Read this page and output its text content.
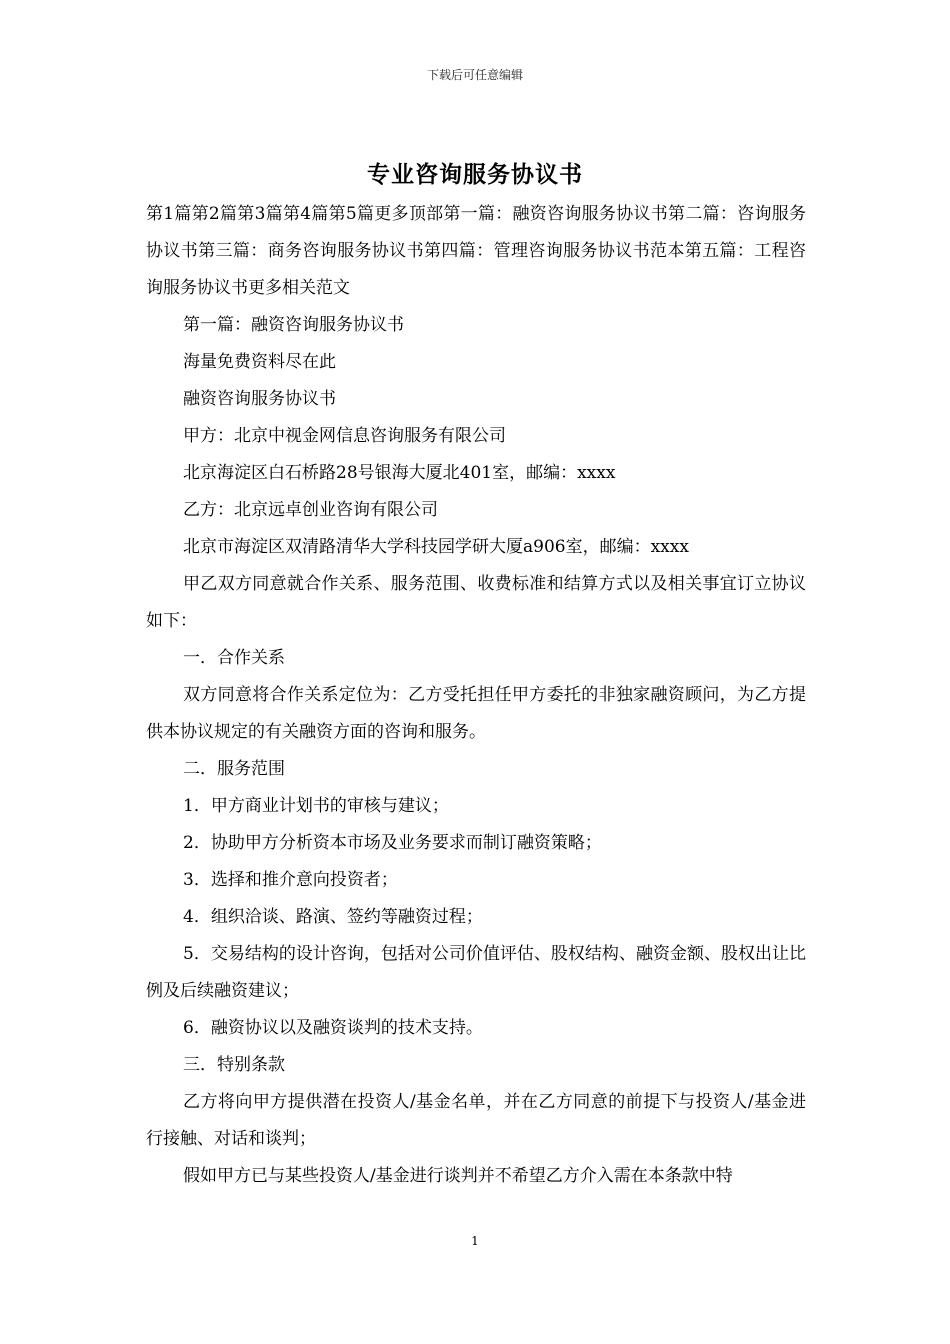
下载后可任意编辑
专业咨询服务协议书

第1篇第2篇第3篇第4篇第5篇更多顶部第一篇：融资咨询服务协议书第二篇：咨询服务协议书第三篇：商务咨询服务协议书第四篇：管理咨询服务协议书范本第五篇：工程咨询服务协议书更多相关范文

第一篇：融资咨询服务协议书

海量免费资料尽在此

融资咨询服务协议书

甲方：北京中视金网信息咨询服务有限公司

北京海淀区白石桥路28号银海大厦北401室，邮编：xxxx

乙方：北京远卓创业咨询有限公司

北京市海淀区双清路清华大学科技园学研大厦a906室，邮编：xxxx

甲乙双方同意就合作关系、服务范围、收费标准和结算方式以及相关事宜订立协议如下：

一．合作关系

双方同意将合作关系定位为：乙方受托担任甲方委托的非独家融资顾问，为乙方提供本协议规定的有关融资方面的咨询和服务。

二．服务范围

1．甲方商业计划书的审核与建议；

2．协助甲方分析资本市场及业务要求而制订融资策略；

3．选择和推介意向投资者；

4．组织洽谈、路演、签约等融资过程；

5．交易结构的设计咨询，包括对公司价值评估、股权结构、融资金额、股权出让比例及后续融资建议；

6．融资协议以及融资谈判的技术支持。

三．特别条款

乙方将向甲方提供潜在投资人/基金名单，并在乙方同意的前提下与投资人/基金进行接触、对话和谈判；

假如甲方已与某些投资人/基金进行谈判并不希望乙方介入需在本条款中特

1
